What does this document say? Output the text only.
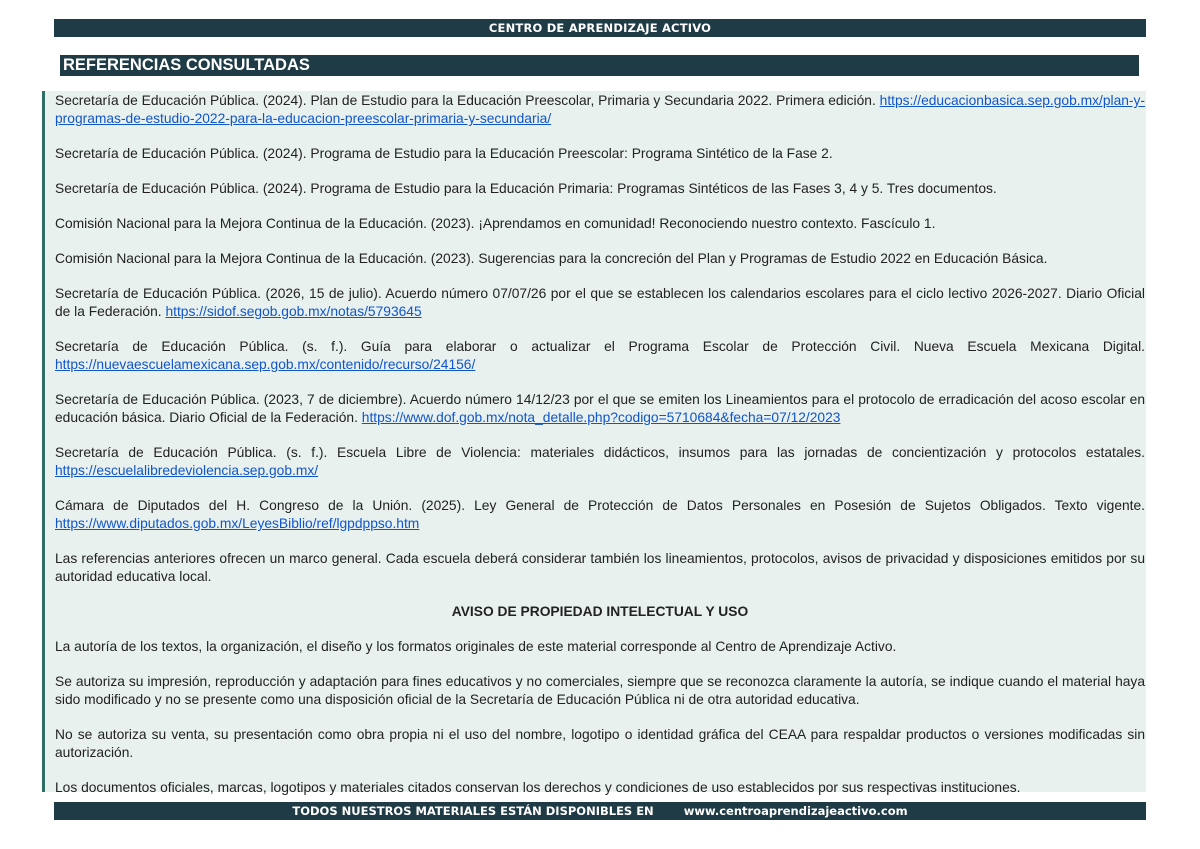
CENTRO DE APRENDIZAJE ACTIVO
REFERENCIAS CONSULTADAS

Secretaría de Educación Pública. (2024). Plan de Estudio para la Educación Preescolar, Primaria y Secundaria 2022. Primera edición. https://educacionbasica.sep.gob.mx/plan-y-programas-de-estudio-2022-para-la-educacion-preescolar-primaria-y-secundaria/

Secretaría de Educación Pública. (2024). Programa de Estudio para la Educación Preescolar: Programa Sintético de la Fase 2.

Secretaría de Educación Pública. (2024). Programa de Estudio para la Educación Primaria: Programas Sintéticos de las Fases 3, 4 y 5. Tres documentos.

Comisión Nacional para la Mejora Continua de la Educación. (2023). ¡Aprendamos en comunidad! Reconociendo nuestro contexto. Fascículo 1.

Comisión Nacional para la Mejora Continua de la Educación. (2023). Sugerencias para la concreción del Plan y Programas de Estudio 2022 en Educación Básica.

Secretaría de Educación Pública. (2026, 15 de julio). Acuerdo número 07/07/26 por el que se establecen los calendarios escolares para el ciclo lectivo 2026-2027. Diario Oficial de la Federación. https://sidof.segob.gob.mx/notas/5793645

Secretaría de Educación Pública. (s. f.). Guía para elaborar o actualizar el Programa Escolar de Protección Civil. Nueva Escuela Mexicana Digital. https://nuevaescuelamexicana.sep.gob.mx/contenido/recurso/24156/

Secretaría de Educación Pública. (2023, 7 de diciembre). Acuerdo número 14/12/23 por el que se emiten los Lineamientos para el protocolo de erradicación del acoso escolar en educación básica. Diario Oficial de la Federación. https://www.dof.gob.mx/nota_detalle.php?codigo=5710684&fecha=07/12/2023

Secretaría de Educación Pública. (s. f.). Escuela Libre de Violencia: materiales didácticos, insumos para las jornadas de concientización y protocolos estatales. https://escuelalibredeviolencia.sep.gob.mx/

Cámara de Diputados del H. Congreso de la Unión. (2025). Ley General de Protección de Datos Personales en Posesión de Sujetos Obligados. Texto vigente. https://www.diputados.gob.mx/LeyesBiblio/ref/lgpdppso.htm

Las referencias anteriores ofrecen un marco general. Cada escuela deberá considerar también los lineamientos, protocolos, avisos de privacidad y disposiciones emitidos por su autoridad educativa local.

AVISO DE PROPIEDAD INTELECTUAL Y USO

La autoría de los textos, la organización, el diseño y los formatos originales de este material corresponde al Centro de Aprendizaje Activo.

Se autoriza su impresión, reproducción y adaptación para fines educativos y no comerciales, siempre que se reconozca claramente la autoría, se indique cuando el material haya sido modificado y no se presente como una disposición oficial de la Secretaría de Educación Pública ni de otra autoridad educativa.

No se autoriza su venta, su presentación como obra propia ni el uso del nombre, logotipo o identidad gráfica del CEAA para respaldar productos o versiones modificadas sin autorización.

Los documentos oficiales, marcas, logotipos y materiales citados conservan los derechos y condiciones de uso establecidos por sus respectivas instituciones.

TODOS NUESTROS MATERIALES ESTÁN DISPONIBLES EN	www.centroaprendizajeactivo.com
